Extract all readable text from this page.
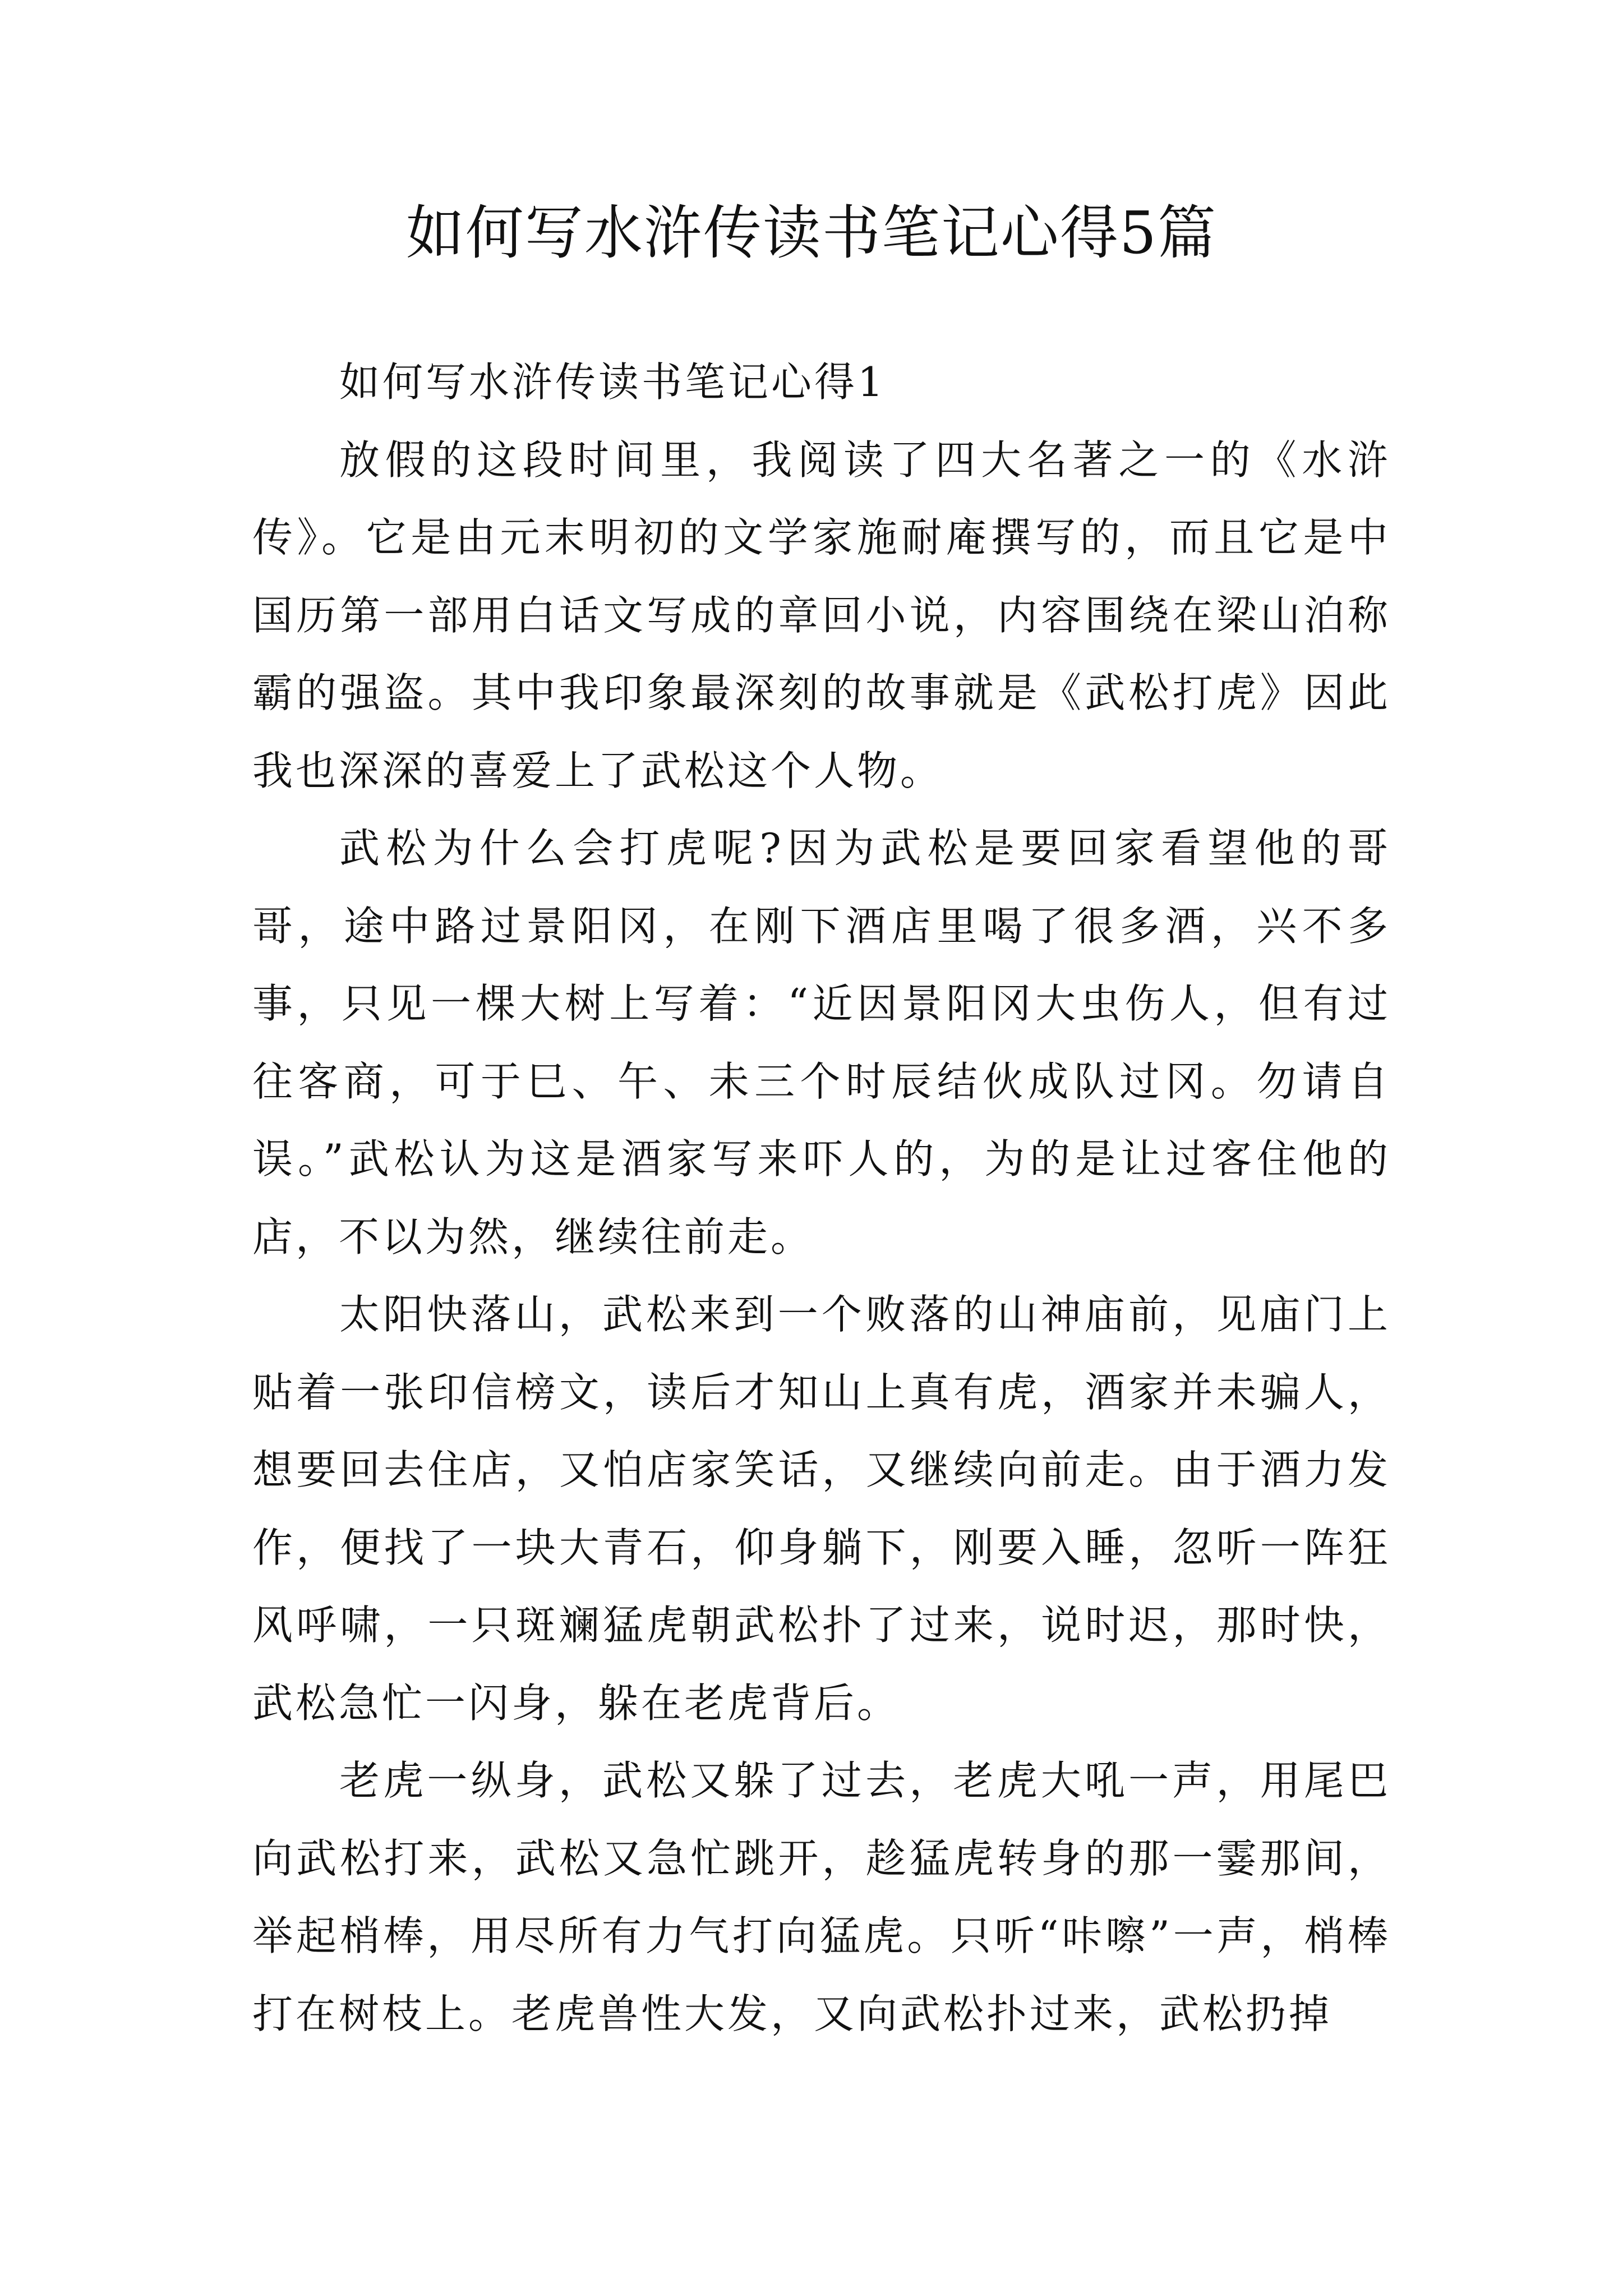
如何写水浒传读书笔记心得5篇

如何写水浒传读书笔记心得1

放假的这段时间里，我阅读了四大名著之一的《水浒传》。它是由元末明初的文学家施耐庵撰写的，而且它是中国历第一部用白话文写成的章回小说，内容围绕在梁山泊称霸的强盗。其中我印象最深刻的故事就是《武松打虎》因此我也深深的喜爱上了武松这个人物。

武松为什么会打虎呢?因为武松是要回家看望他的哥哥，途中路过景阳冈，在刚下酒店里喝了很多酒，兴不多事，只见一棵大树上写着：“近因景阳冈大虫伤人，但有过往客商，可于巳、午、未三个时辰结伙成队过冈。勿请自误。”武松认为这是酒家写来吓人的，为的是让过客住他的店，不以为然，继续往前走。

太阳快落山，武松来到一个败落的山神庙前，见庙门上贴着一张印信榜文，读后才知山上真有虎，酒家并未骗人，想要回去住店，又怕店家笑话，又继续向前走。由于酒力发作，便找了一块大青石，仰身躺下，刚要入睡，忽听一阵狂风呼啸，一只斑斓猛虎朝武松扑了过来，说时迟，那时快，武松急忙一闪身，躲在老虎背后。

老虎一纵身，武松又躲了过去，老虎大吼一声，用尾巴向武松打来，武松又急忙跳开，趁猛虎转身的那一霎那间，举起梢棒，用尽所有力气打向猛虎。只听“咔嚓”一声，梢棒打在树枝上。老虎兽性大发，又向武松扑过来，武松扔掉
